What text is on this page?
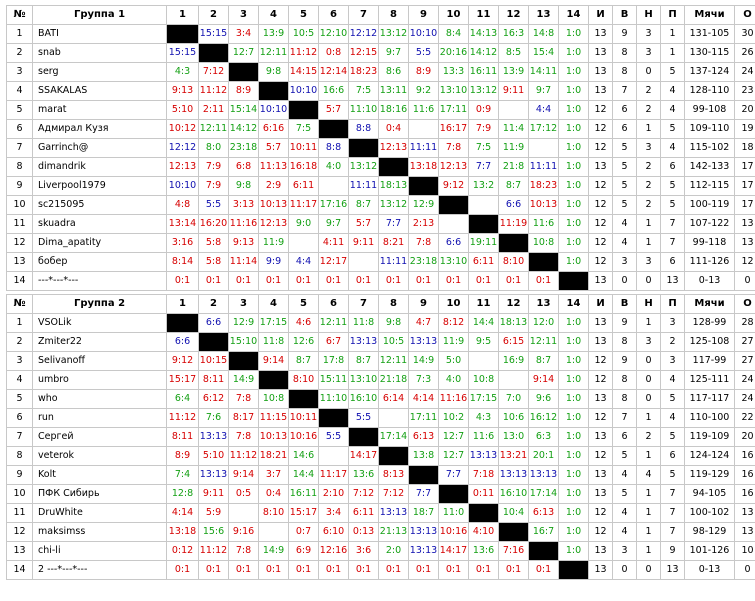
№	Группа 1	1	2	3	4	5	6	7	8	9	10	11	12	13	14	И	В	Н	П	Мячи	О
1	BATI		15:15	3:4	13:9	10:5	12:10	12:12	13:12	10:10	8:4	14:13	16:3	14:8	1:0	13	9	3	1	131-105	30
2	snab	15:15		12:7	12:11	11:12	0:8	12:15	9:7	5:5	20:16	14:12	8:5	15:4	1:0	13	8	3	1	130-115	26
3	serg	4:3	7:12		9:8	14:15	12:14	18:23	8:6	8:9	13:3	16:11	13:9	14:11	1:0	13	8	0	5	137-124	24
4	SSAKALAS	9:13	11:12	8:9		10:10	16:6	7:5	13:11	9:2	13:10	13:12	9:11	9:7	1:0	13	7	2	4	128-110	23
5	marat	5:10	2:11	15:14	10:10		5:7	11:10	18:16	11:6	17:11	0:9		4:4	1:0	12	6	2	4	99-108	20
6	Адмирал Кузя	10:12	12:11	14:12	6:16	7:5		8:8	0:4		16:17	7:9	11:4	17:12	1:0	12	6	1	5	109-110	19
7	Garrinch@	12:12	8:0	23:18	5:7	10:11	8:8		12:13	11:11	7:8	7:5	11:9		1:0	12	5	3	4	115-102	18
8	dimandrik	12:13	7:9	6:8	11:13	16:18	4:0	13:12		13:18	12:13	7:7	21:8	11:11	1:0	13	5	2	6	142-133	17
9	Liverpool1979	10:10	7:9	9:8	2:9	6:11		11:11	18:13		9:12	13:2	8:7	18:23	1:0	12	5	2	5	112-115	17
10	sc215095	4:8	5:5	3:13	10:13	11:17	17:16	8:7	13:12	12:9			6:6	10:13	1:0	12	5	2	5	100-119	17
11	skuadra	13:14	16:20	11:16	12:13	9:0	9:7	5:7	7:7	2:13			11:19	11:6	1:0	12	4	1	7	107-122	13
12	Dima_apatity	3:16	5:8	9:13	11:9		4:11	9:11	8:21	7:8	6:6	19:11		10:8	1:0	12	4	1	7	99-118	13
13	бобер	8:14	5:8	11:14	9:9	4:4	12:17		11:11	23:18	13:10	6:11	8:10		1:0	12	3	3	6	111-126	12
14	---*---*---	0:1	0:1	0:1	0:1	0:1	0:1	0:1	0:1	0:1	0:1	0:1	0:1	0:1		13	0	0	13	0-13	0
№	Группа 2	1	2	3	4	5	6	7	8	9	10	11	12	13	14	И	В	Н	П	Мячи	О
1	VSOLik		6:6	12:9	17:15	4:6	12:11	11:8	9:8	4:7	8:12	14:4	18:13	12:0	1:0	13	9	1	3	128-99	28
2	Zmiter22	6:6		15:10	11:8	12:6	6:7	13:13	10:5	13:13	11:9	9:5	6:15	12:11	1:0	13	8	3	2	125-108	27
3	Selivanoff	9:12	10:15		9:14	8:7	17:8	8:7	12:11	14:9	5:0		16:9	8:7	1:0	12	9	0	3	117-99	27
4	umbro	15:17	8:11	14:9		8:10	15:11	13:10	21:18	7:3	4:0	10:8		9:14	1:0	12	8	0	4	125-111	24
5	who	6:4	6:12	7:8	10:8		11:10	16:10	6:14	4:14	11:16	17:15	7:0	9:6	1:0	13	8	0	5	117-117	24
6	run	11:12	7:6	8:17	11:15	10:11		5:5		17:11	10:2	4:3	10:6	16:12	1:0	12	7	1	4	110-100	22
7	Сергей	8:11	13:13	7:8	10:13	10:16	5:5		17:14	6:13	12:7	11:6	13:0	6:3	1:0	13	6	2	5	119-109	20
8	veterok	8:9	5:10	11:12	18:21	14:6		14:17		13:8	12:7	13:13	13:21	20:1	1:0	12	5	1	6	124-124	16
9	Kolt	7:4	13:13	9:14	3:7	14:4	11:17	13:6	8:13		7:7	7:18	13:13	13:13	1:0	13	4	4	5	119-129	16
10	ПФК Сибирь	12:8	9:11	0:5	0:4	16:11	2:10	7:12	7:12	7:7		0:11	16:10	17:14	1:0	13	5	1	7	94-105	16
11	DruWhite	4:14	5:9		8:10	15:17	3:4	6:11	13:13	18:7	11:0		10:4	6:13	1:0	12	4	1	7	100-102	13
12	maksimss	13:18	15:6	9:16		0:7	6:10	0:13	21:13	13:13	10:16	4:10		16:7	1:0	12	4	1	7	98-129	13
13	chi-li	0:12	11:12	7:8	14:9	6:9	12:16	3:6	2:0	13:13	14:17	13:6	7:16		1:0	13	3	1	9	101-126	10
14	2 ---*---*---	0:1	0:1	0:1	0:1	0:1	0:1	0:1	0:1	0:1	0:1	0:1	0:1	0:1		13	0	0	13	0-13	0
